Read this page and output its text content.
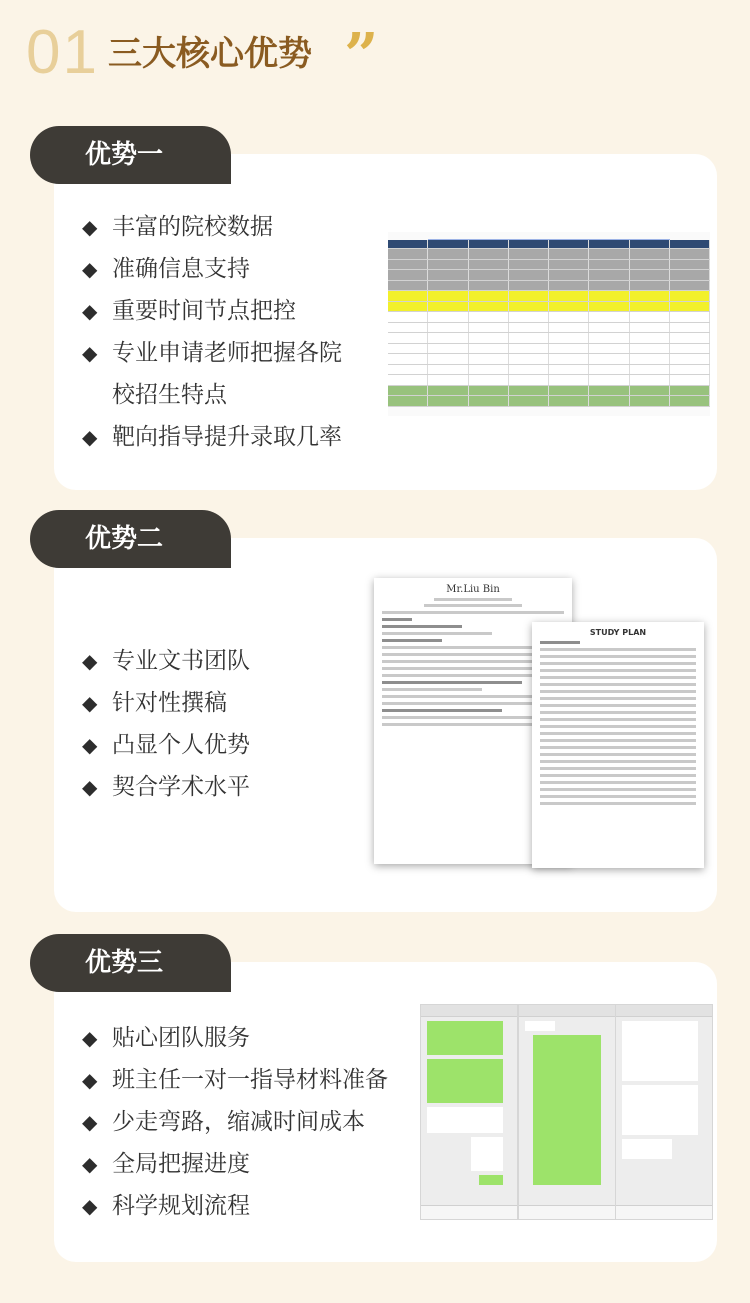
01 三大核心优势 ”
优势一
◆ 丰富的院校数据
◆ 准确信息支持
◆ 重要时间节点把控
◆ 专业申请老师把握各院
校招生特点
◆ 靶向指导提升录取几率
优势二
◆ 专业文书团队
◆ 针对性撰稿
◆ 凸显个人优势
◆ 契合学术水平
Mr.Liu Bin
STUDY PLAN
优势三
◆ 贴心团队服务
◆ 班主任一对一指导材料准备
◆ 少走弯路，缩减时间成本
◆ 全局把握进度
◆ 科学规划流程
